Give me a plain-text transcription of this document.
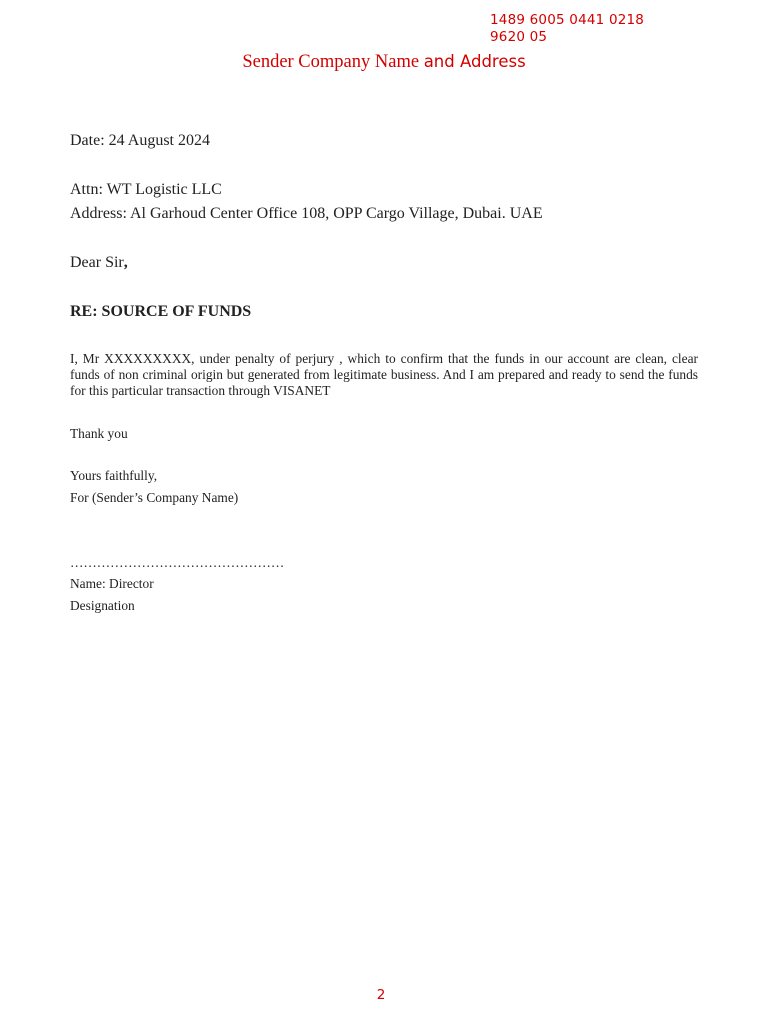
1489 6005 0441 0218
9620 05
Sender Company Name and Address
Date: 24 August 2024
Attn: WT Logistic LLC
Address: Al Garhoud Center Office 108, OPP Cargo Village, Dubai. UAE
Dear Sir,
RE: SOURCE OF FUNDS
I, Mr XXXXXXXXX, under penalty of perjury , which to confirm that the funds in our account are clean, clear funds of non criminal origin but generated from legitimate business. And I am prepared and ready to send the funds for this particular transaction through VISANET
Thank you
Yours faithfully,
For (Sender’s Company Name)
…………………………………………
Name: Director
Designation
2
